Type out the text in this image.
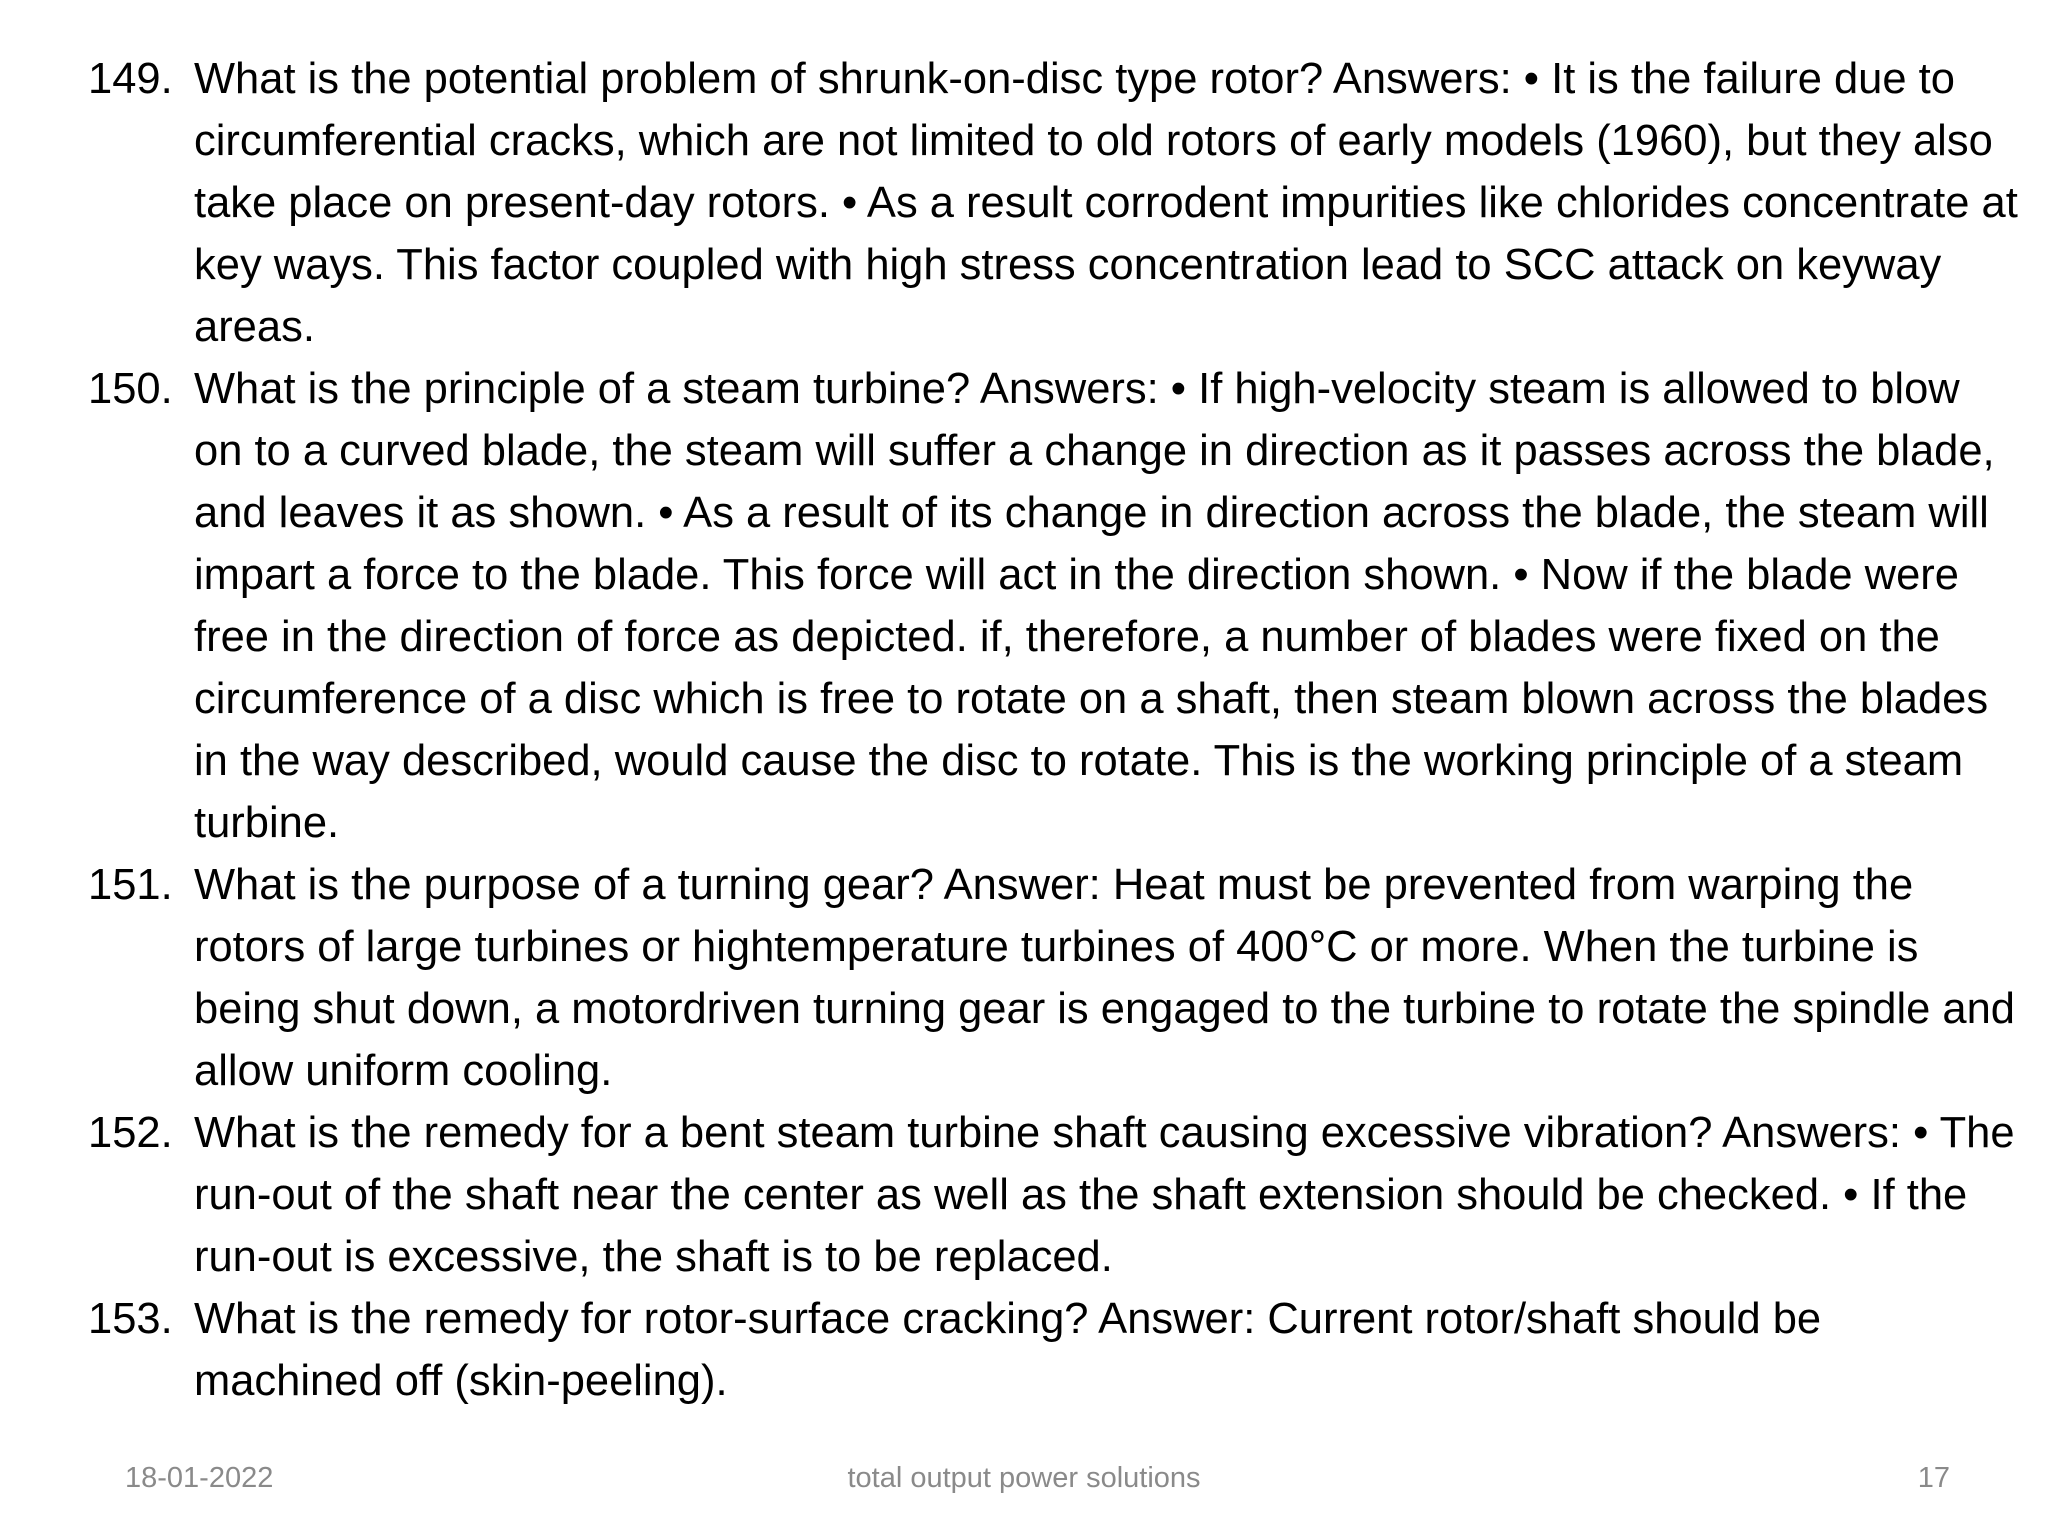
149. What is the potential problem of shrunk-on-disc type rotor? Answers: • It is the failure due to circumferential cracks, which are not limited to old rotors of early models (1960), but they also take place on present-day rotors. • As a result corrodent impurities like chlorides concentrate at key ways. This factor coupled with high stress concentration lead to SCC attack on keyway areas.
150. What is the principle of a steam turbine? Answers: • If high-velocity steam is allowed to blow on to a curved blade, the steam will suffer a change in direction as it passes across the blade, and leaves it as shown. • As a result of its change in direction across the blade, the steam will impart a force to the blade. This force will act in the direction shown. • Now if the blade were free in the direction of force as depicted. if, therefore, a number of blades were fixed on the circumference of a disc which is free to rotate on a shaft, then steam blown across the blades in the way described, would cause the disc to rotate. This is the working principle of a steam turbine.
151. What is the purpose of a turning gear? Answer: Heat must be prevented from warping the rotors of large turbines or hightemperature turbines of 400°C or more. When the turbine is being shut down, a motordriven turning gear is engaged to the turbine to rotate the spindle and allow uniform cooling.
152. What is the remedy for a bent steam turbine shaft causing excessive vibration? Answers: • The run-out of the shaft near the center as well as the shaft extension should be checked. • If the run-out is excessive, the shaft is to be replaced.
153. What is the remedy for rotor-surface cracking? Answer: Current rotor/shaft should be machined off (skin-peeling).
18-01-2022	total output power solutions	17
